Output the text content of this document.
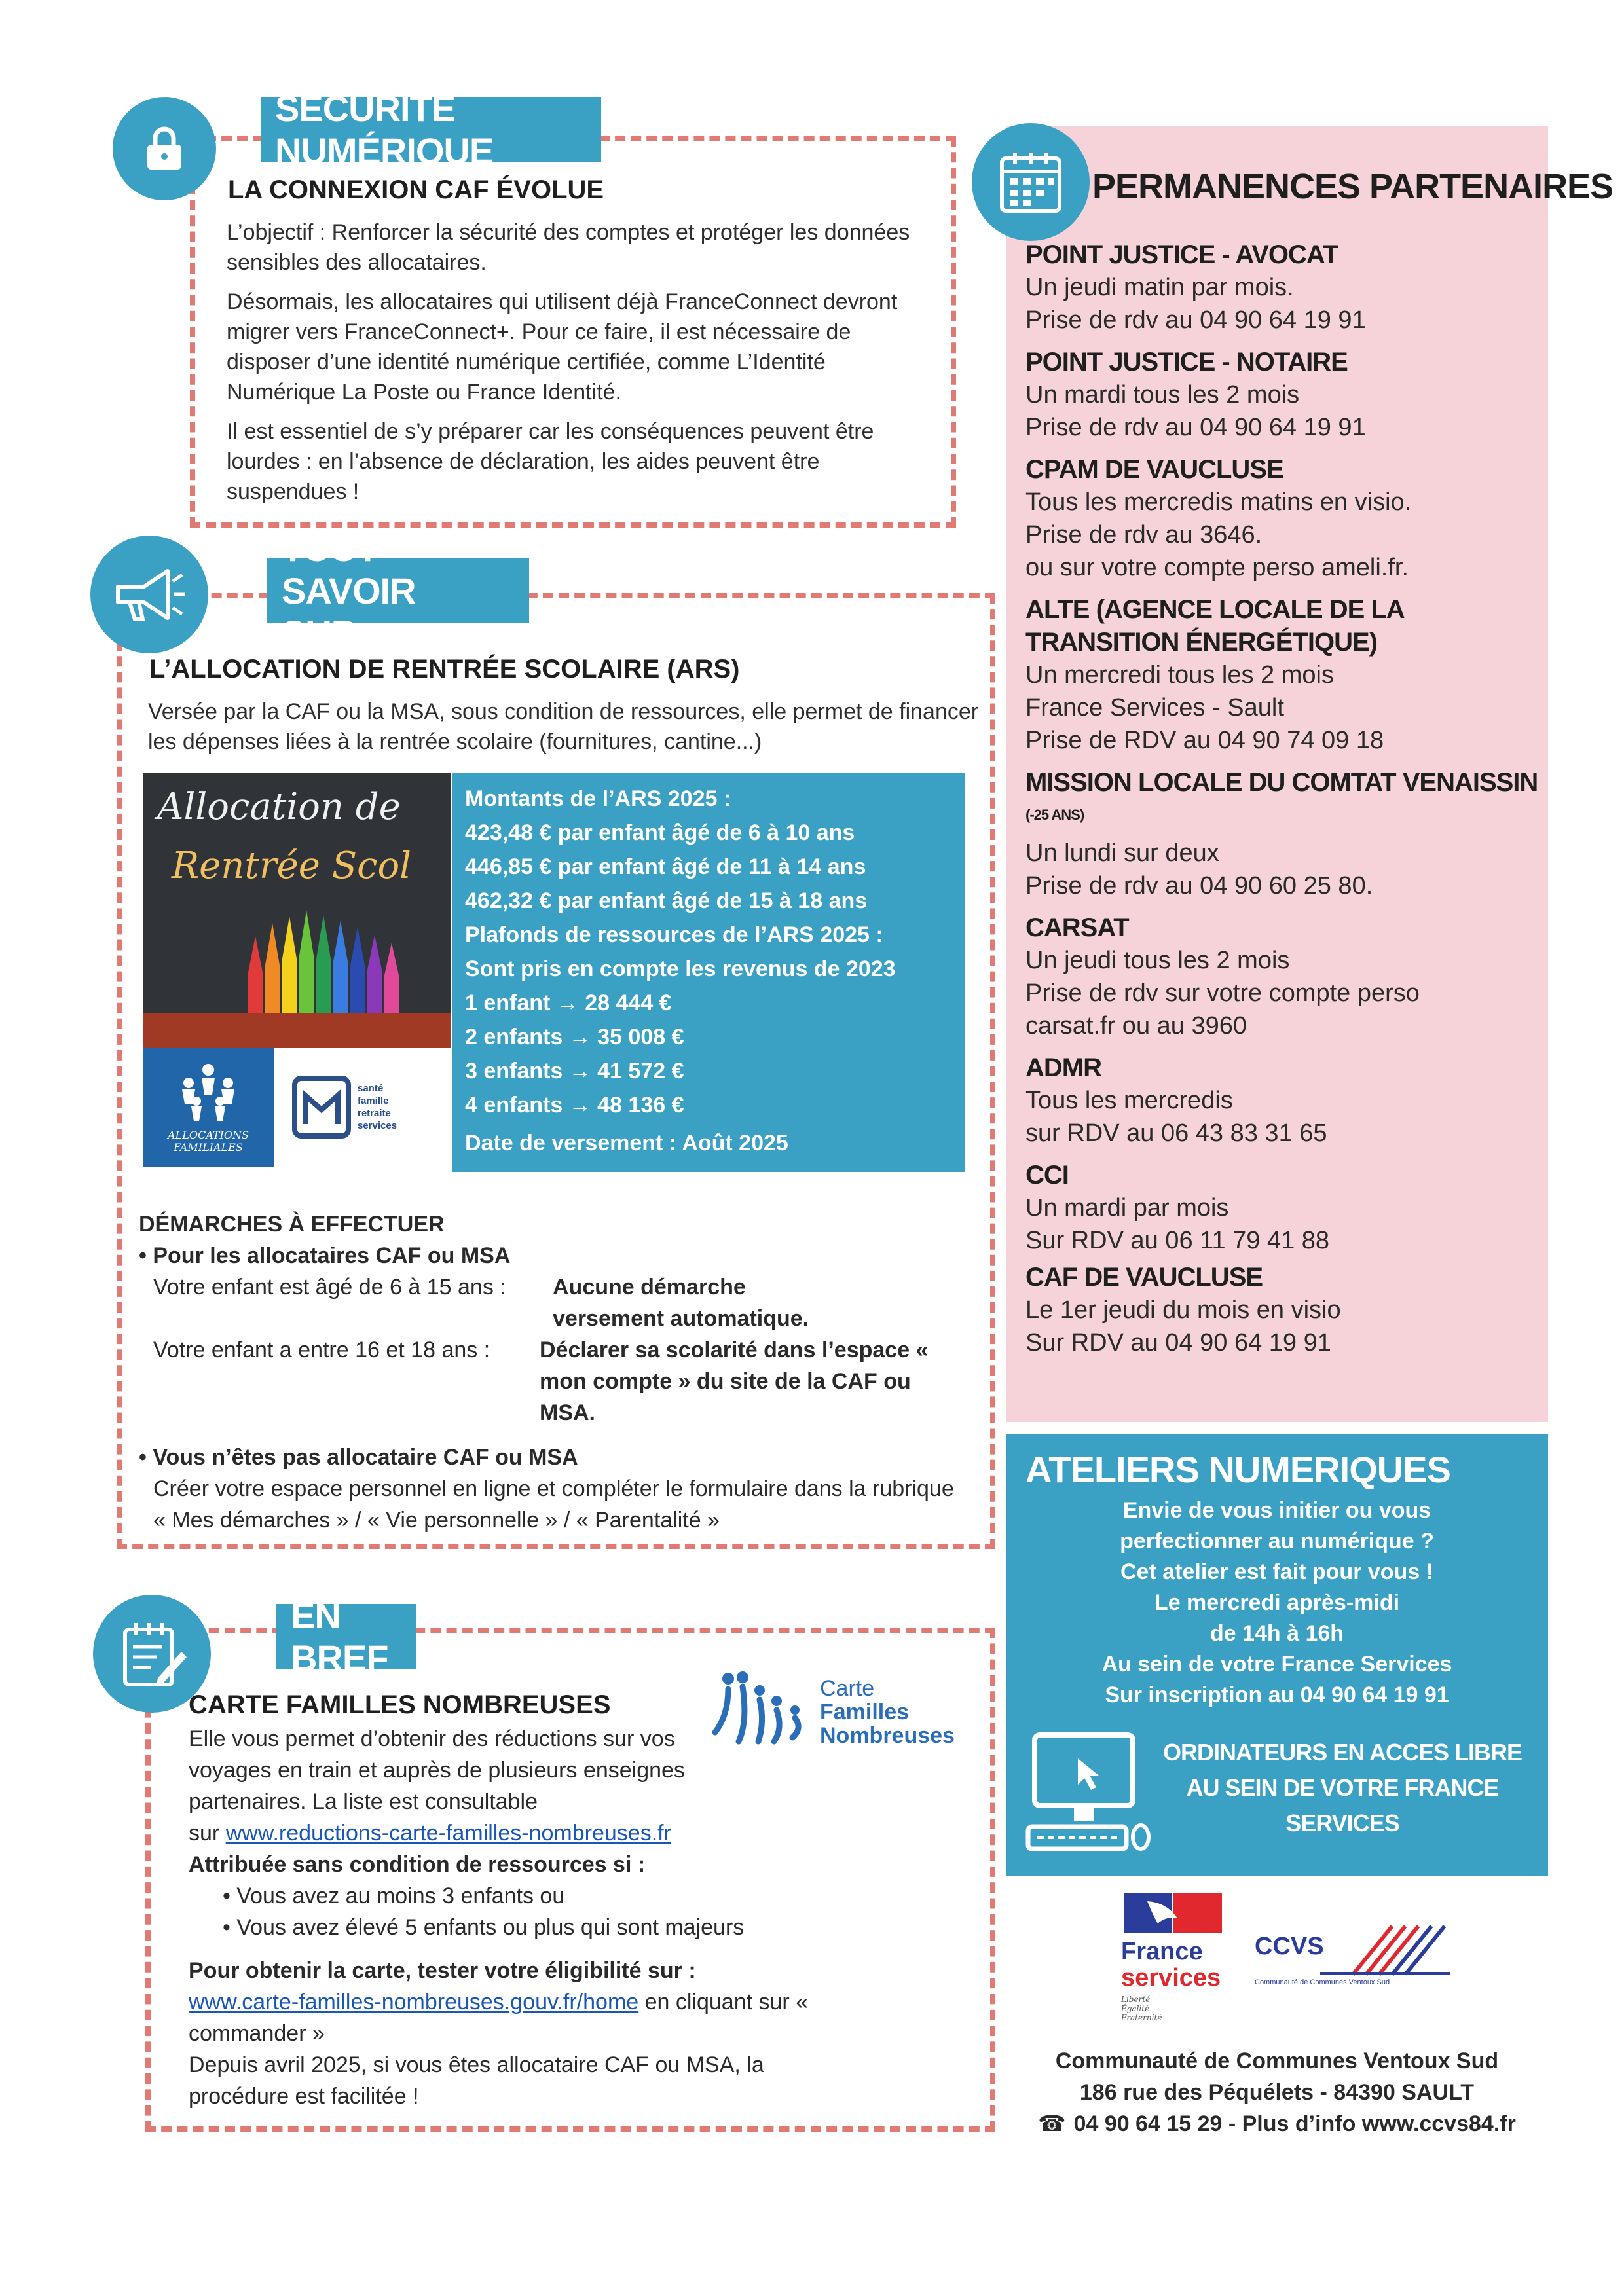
SÉCURITÉ NUMÉRIQUE
LA CONNEXION CAF ÉVOLUE

L’objectif : Renforcer la sécurité des comptes et protéger les données sensibles des allocataires.

Désormais, les allocataires qui utilisent déjà FranceConnect devront migrer vers FranceConnect+. Pour ce faire, il est nécessaire de disposer d’une identité numérique certifiée, comme L’Identité Numérique La Poste ou France Identité.

Il est essentiel de s’y préparer car les conséquences peuvent être lourdes : en l’absence de déclaration, les aides peuvent être suspendues !

PERMANENCES PARTENAIRES
POINT JUSTICE - AVOCAT
Un jeudi matin par mois.
Prise de rdv au 04 90 64 19 91
POINT JUSTICE - NOTAIRE
Un mardi tous les 2 mois
Prise de rdv au 04 90 64 19 91
CPAM DE VAUCLUSE
Tous les mercredis matins en visio.
Prise de rdv au 3646.
ou sur votre compte perso ameli.fr.
ALTE (AGENCE LOCALE DE LA TRANSITION ÉNERGÉTIQUE)
Un mercredi tous les 2 mois
France Services - Sault
Prise de RDV au 04 90 74 09 18
MISSION LOCALE DU COMTAT VENAISSIN $^{(-25 ANS)}$
Un lundi sur deux
Prise de rdv au 04 90 60 25 80.
CARSAT
Un jeudi tous les 2 mois
Prise de rdv sur votre compte perso
carsat.fr ou au 3960
ADMR
Tous les mercredis
sur RDV au 06 43 83 31 65
CCI
Un mardi par mois
Sur RDV au 06 11 79 41 88
CAF DE VAUCLUSE
Le 1er jeudi du mois en visio
Sur RDV au 04 90 64 19 91
TOUT SAVOIR SUR...
L’ALLOCATION DE RENTRÉE SCOLAIRE (ARS)
Versée par la CAF ou la MSA, sous condition de ressources, elle permet de financer les dépenses liées à la rentrée scolaire (fournitures, cantine...)
Allocation de
Rentrée Scol
ALLOCATIONS FAMILIALES
santé
famille
retraite
services
Montants de l’ARS 2025 :
423,48 € par enfant âgé de 6 à 10 ans
446,85 € par enfant âgé de 11 à 14 ans
462,32 € par enfant âgé de 15 à 18 ans
Plafonds de ressources de l’ARS 2025 :
Sont pris en compte les revenus de 2023
1 enfant → 28 444 €
2 enfants → 35 008 €
3 enfants → 41 572 €
4 enfants → 48 136 €
Date de versement : Août 2025
DÉMARCHES À EFFECTUER
• Pour les allocataires CAF ou MSA
Votre enfant est âgé de 6 à 15 ans :	Aucune démarche versement automatique.
Votre enfant a entre 16 et 18 ans :	Déclarer sa scolarité dans l’espace « mon compte » du site de la CAF ou MSA.
• Vous n’êtes pas allocataire CAF ou MSA
Créer votre espace personnel en ligne et compléter le formulaire dans la rubrique « Mes démarches » / « Vie personnelle » / « Parentalité »
ATELIERS NUMERIQUES
Envie de vous initier ou vous
perfectionner au numérique ?
Cet atelier est fait pour vous !
Le mercredi après-midi
de 14h à 16h
Au sein de votre France Services
Sur inscription au 04 90 64 19 91
ORDINATEURS EN ACCES LIBRE AU SEIN DE VOTRE FRANCE SERVICES
EN BREF
CARTE FAMILLES NOMBREUSES
Carte
Familles
Nombreuses
Elle vous permet d’obtenir des réductions sur vos voyages en train et auprès de plusieurs enseignes partenaires. La liste est consultable
sur www.reductions-carte-familles-nombreuses.fr
Attribuée sans condition de ressources si :
• Vous avez au moins 3 enfants ou
• Vous avez élevé 5 enfants ou plus qui sont majeurs
Pour obtenir la carte, tester votre éligibilité sur :
www.carte-familles-nombreuses.gouv.fr/home en cliquant sur « commander »
Depuis avril 2025, si vous êtes allocataire CAF ou MSA, la procédure est facilitée !
France
services
Liberté
Égalité
Fraternité
CCVS
Communauté de Communes Ventoux Sud
Communauté de Communes Ventoux Sud
186 rue des Péquélets - 84390 SAULT
☎ 04 90 64 15 29 - Plus d’info www.ccvs84.fr
